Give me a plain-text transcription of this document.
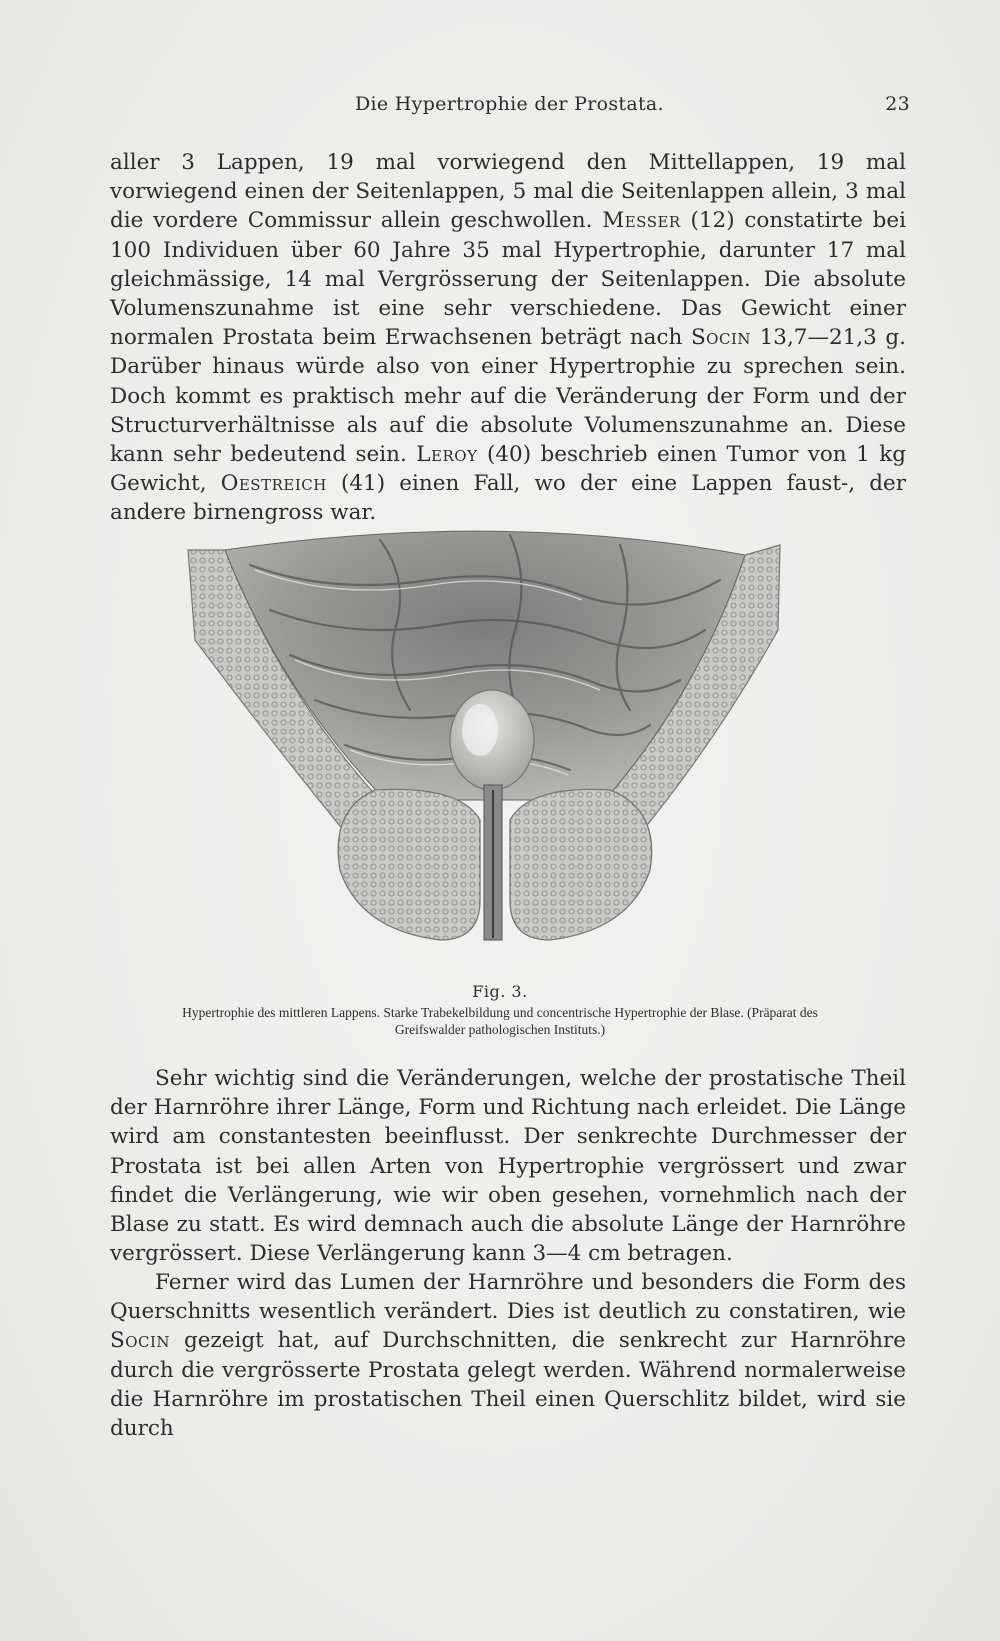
Die Hypertrophie der Prostata.	23

aller 3 Lappen, 19 mal vorwiegend den Mittellappen, 19 mal vorwiegend einen der Seitenlappen, 5 mal die Seitenlappen allein, 3 mal die vordere Commissur allein geschwollen. Messer (12) constatirte bei 100 Individuen über 60 Jahre 35 mal Hypertrophie, darunter 17 mal gleichmässige, 14 mal Vergrösserung der Seitenlappen. Die absolute Volumenszunahme ist eine sehr verschiedene. Das Gewicht einer normalen Prostata beim Erwachsenen beträgt nach Socin 13,7—21,3 g. Darüber hinaus würde also von einer Hypertrophie zu sprechen sein. Doch kommt es praktisch mehr auf die Veränderung der Form und der Structurverhältnisse als auf die absolute Volumenszunahme an. Diese kann sehr bedeutend sein. Leroy (40) beschrieb einen Tumor von 1 kg Gewicht, Oestreich (41) einen Fall, wo der eine Lappen faust-, der andere birnengross war.

Fig. 3.
Hypertrophie des mittleren Lappens. Starke Trabekelbildung und concentrische Hypertrophie der Blase. (Präparat des Greifswalder pathologischen Instituts.)

Sehr wichtig sind die Veränderungen, welche der prostatische Theil der Harnröhre ihrer Länge, Form und Richtung nach erleidet. Die Länge wird am constantesten beeinflusst. Der senkrechte Durchmesser der Prostata ist bei allen Arten von Hypertrophie vergrössert und zwar findet die Verlängerung, wie wir oben gesehen, vornehmlich nach der Blase zu statt. Es wird demnach auch die absolute Länge der Harnröhre vergrössert. Diese Verlängerung kann 3—4 cm betragen.

Ferner wird das Lumen der Harnröhre und besonders die Form des Querschnitts wesentlich verändert. Dies ist deutlich zu constatiren, wie Socin gezeigt hat, auf Durchschnitten, die senkrecht zur Harnröhre durch die vergrösserte Prostata gelegt werden. Während normalerweise die Harnröhre im prostatischen Theil einen Querschlitz bildet, wird sie durch
